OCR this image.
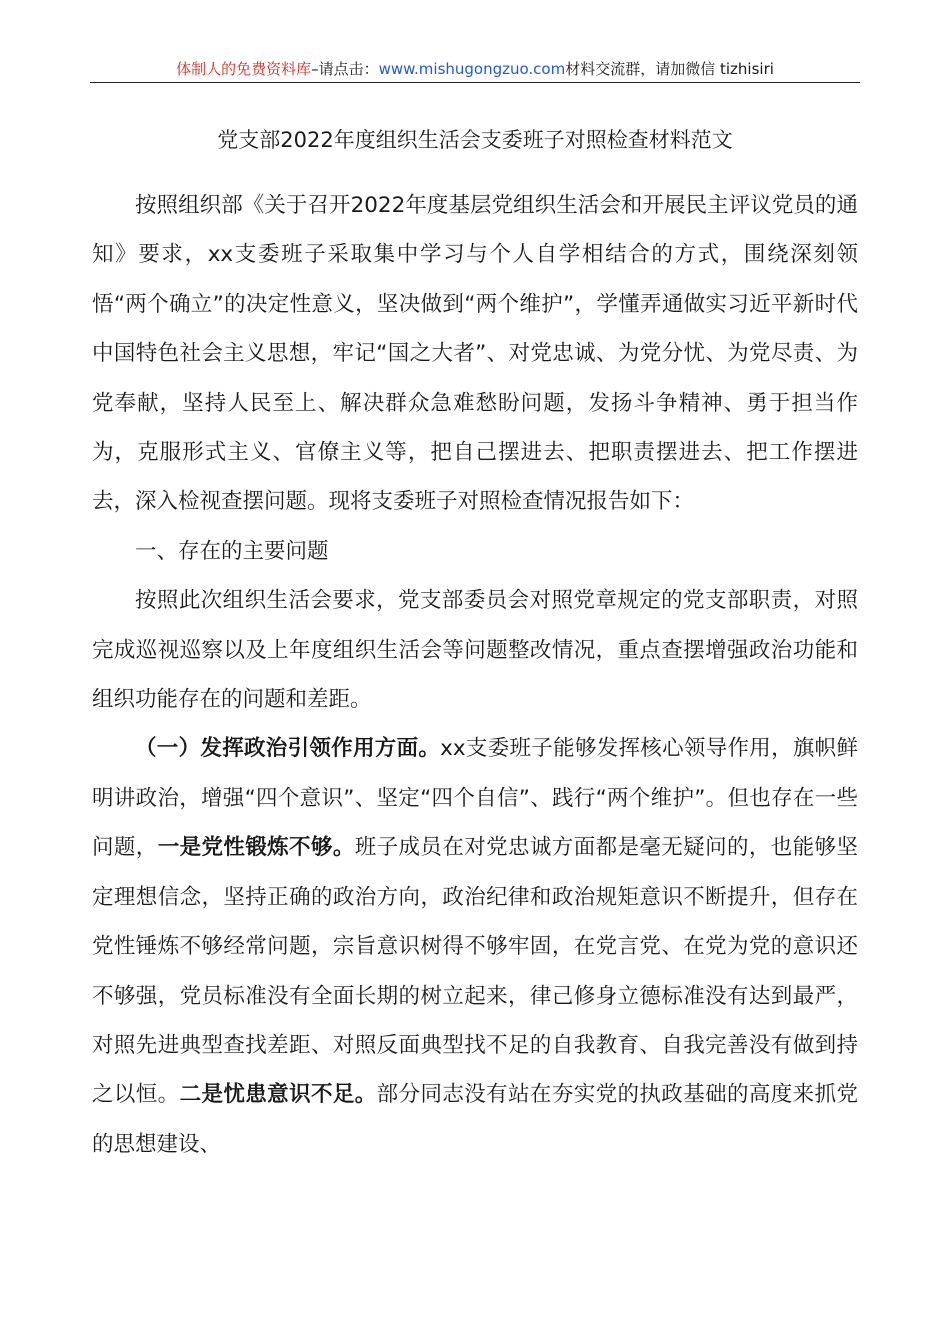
体制人的免费资料库–请点击：www.mishugongzuo.com材料交流群，请加微信 tizhisiri
党支部2022年度组织生活会支委班子对照检查材料范文

按照组织部《关于召开2022年度基层党组织生活会和开展民主评议党员的通知》要求，xx支委班子采取集中学习与个人自学相结合的方式，围绕深刻领悟“两个确立”的决定性意义，坚决做到“两个维护”，学懂弄通做实习近平新时代中国特色社会主义思想，牢记“国之大者”、对党忠诚、为党分忧、为党尽责、为党奉献，坚持人民至上、解决群众急难愁盼问题，发扬斗争精神、勇于担当作为，克服形式主义、官僚主义等，把自己摆进去、把职责摆进去、把工作摆进去，深入检视查摆问题。现将支委班子对照检查情况报告如下：

一、存在的主要问题

按照此次组织生活会要求，党支部委员会对照党章规定的党支部职责，对照完成巡视巡察以及上年度组织生活会等问题整改情况，重点查摆增强政治功能和组织功能存在的问题和差距。

（一）发挥政治引领作用方面。xx支委班子能够发挥核心领导作用，旗帜鲜明讲政治，增强“四个意识”、坚定“四个自信”、践行“两个维护”。但也存在一些问题，一是党性锻炼不够。班子成员在对党忠诚方面都是毫无疑问的，也能够坚定理想信念，坚持正确的政治方向，政治纪律和政治规矩意识不断提升，但存在党性锤炼不够经常问题，宗旨意识树得不够牢固，在党言党、在党为党的意识还不够强，党员标准没有全面长期的树立起来，律己修身立德标准没有达到最严，对照先进典型查找差距、对照反面典型找不足的自我教育、自我完善没有做到持之以恒。二是忧患意识不足。部分同志没有站在夯实党的执政基础的高度来抓党的思想建设、
